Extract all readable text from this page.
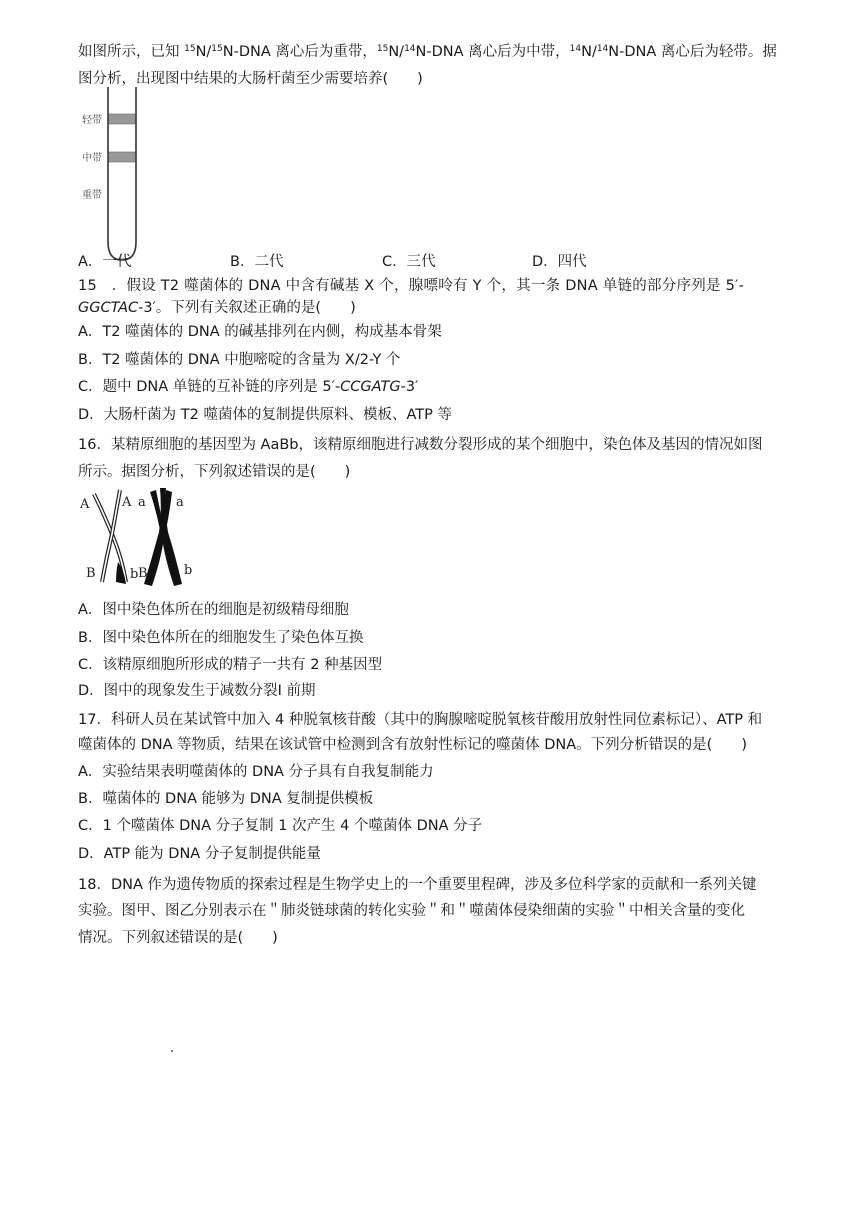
如图所示，已知 $^{15}$N/$^{15}$N-DNA 离心后为重带，$^{15}$N/$^{14}$N-DNA 离心后为中带，$^{14}$N/$^{14}$N-DNA 离心后为轻带。据
图分析，出现图中结果的大肠杆菌至少需要培养(　　)
轻带
中带
重带
A．一代	B．二代	C．三代	D．四代
15　．假设 T2 噬菌体的 DNA 中含有碱基 X 个，腺嘌呤有 Y 个，其一条 DNA 单链的部分序列是 5′-
GGCTAC-3′。下列有关叙述正确的是(　　)
A．T2 噬菌体的 DNA 的碱基排列在内侧，构成基本骨架
B．T2 噬菌体的 DNA 中胞嘧啶的含量为 X/2-Y 个
C．题中 DNA 单链的互补链的序列是 5′-CCGATG-3′
D．大肠杆菌为 T2 噬菌体的复制提供原料、模板、ATP 等
16．某精原细胞的基因型为 AaBb，该精原细胞进行减数分裂形成的某个细胞中，染色体及基因的情况如图
所示。据图分析，下列叙述错误的是(　　)
A	A a a
B	b B	b
A．图中染色体所在的细胞是初级精母细胞
B．图中染色体所在的细胞发生了染色体互换
C．该精原细胞所形成的精子一共有 2 种基因型
D．图中的现象发生于减数分裂Ⅰ 前期
17．科研人员在某试管中加入 4 种脱氧核苷酸（其中的胸腺嘧啶脱氧核苷酸用放射性同位素标记）、ATP 和
噬菌体的 DNA 等物质，结果在该试管中检测到含有放射性标记的噬菌体 DNA。下列分析错误的是(　　)
A．实验结果表明噬菌体的 DNA 分子具有自我复制能力
B．噬菌体的 DNA 能够为 DNA 复制提供模板
C．1 个噬菌体 DNA 分子复制 1 次产生 4 个噬菌体 DNA 分子
D．ATP 能为 DNA 分子复制提供能量
18．DNA 作为遗传物质的探索过程是生物学史上的一个重要里程碑，涉及多位科学家的贡献和一系列关键
实验。图甲、图乙分别表示在＂肺炎链球菌的转化实验＂和＂噬菌体侵染细菌的实验＂中相关含量的变化
情况。下列叙述错误的是(　　)
